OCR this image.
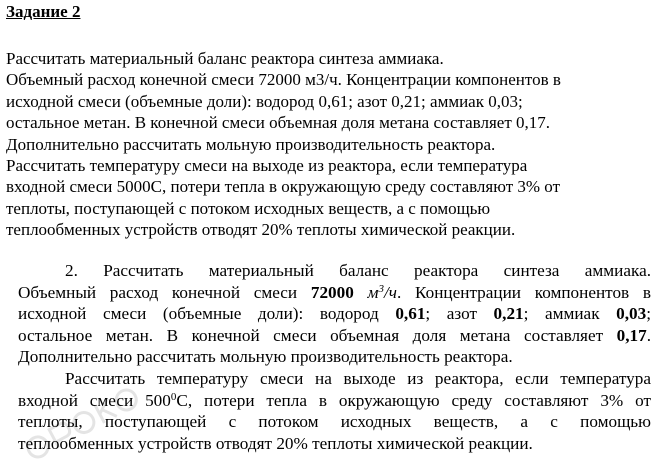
Задание 2
Рассчитать материальный баланс реактора синтеза аммиака.
Объемный расход конечной смеси 72000 м3/ч. Концентрации компонентов в
исходной смеси (объемные доли): водород 0,61; азот 0,21; аммиак 0,03;
остальное метан. В конечной смеси объемная доля метана составляет 0,17.
Дополнительно рассчитать мольную производительность реактора.
Рассчитать температуру смеси на выходе из реактора, если температура
входной смеси 5000С, потери тепла в окружающую среду составляют 3% от
теплоты, поступающей с потоком исходных веществ, а с помощью
теплообменных устройств отводят 20% теплоты химической реакции.
2. Рассчитать материальный баланс реактора синтеза аммиака.
Объемный расход конечной смеси 72000 $м^3/ч$. Концентрации компонентов в
исходной смеси (объемные доли): водород 0,61; азот 0,21; аммиак 0,03;
остальное метан. В конечной смеси объемная доля метана составляет 0,17.
Дополнительно рассчитать мольную производительность реактора.
Рассчитать температуру смеси на выходе из реактора, если температура
входной смеси $500^0С$, потери тепла в окружающую среду составляют 3% от
теплоты, поступающей с потоком исходных веществ, а с помощью
теплообменных устройств отводят 20% теплоты химической реакции.
